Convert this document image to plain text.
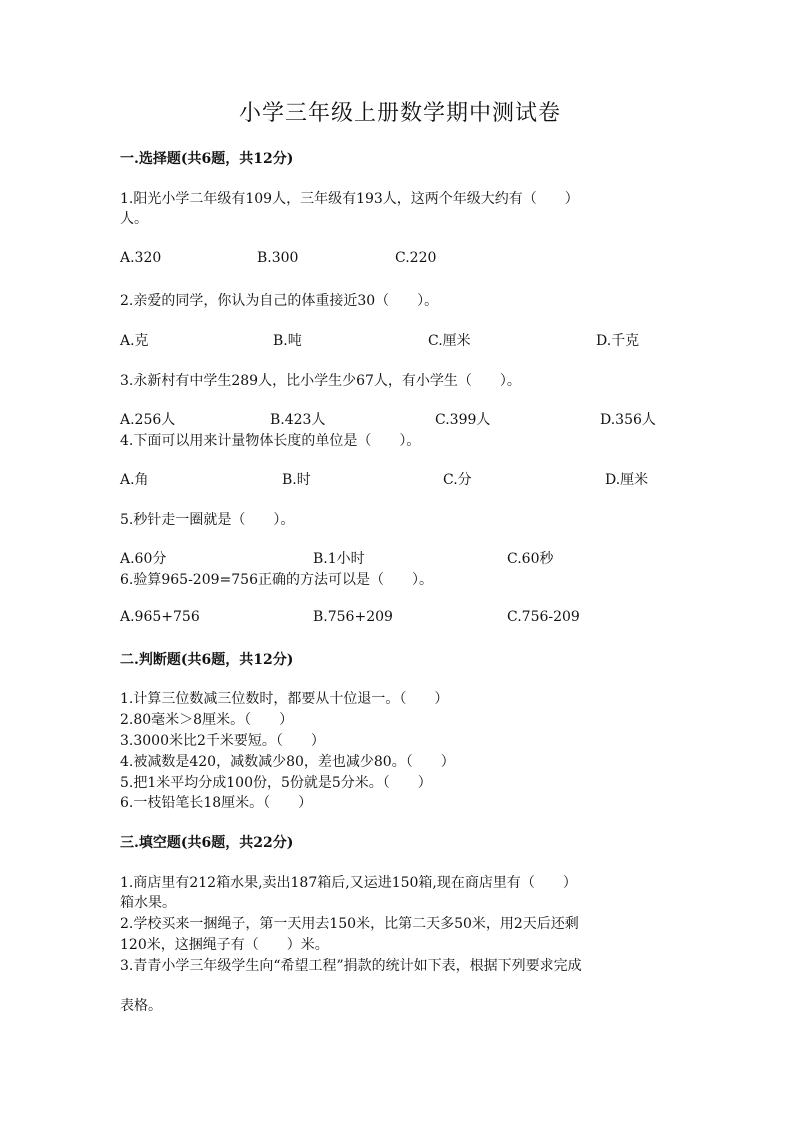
小学三年级上册数学期中测试卷
一.选择题(共6题，共12分)
1.阳光小学二年级有109人，三年级有193人，这两个年级大约有（　　）
人。
A.320	B.300	C.220
2.亲爱的同学，你认为自己的体重接近30（　　）。
A.克	B.吨	C.厘米	D.千克
3.永新村有中学生289人，比小学生少67人，有小学生（　　）。
A.256人	B.423人	C.399人	D.356人
4.下面可以用来计量物体长度的单位是（　　）。
A.角	B.时	C.分	D.厘米
5.秒针走一圈就是（　　）。
A.60分	B.1小时	C.60秒
6.验算965-209=756正确的方法可以是（　　）。
A.965+756	B.756+209	C.756-209
二.判断题(共6题，共12分)
1.计算三位数减三位数时，都要从十位退一。（　　）
2.80毫米＞8厘米。（　　）
3.3000米比2千米要短。（　　）
4.被减数是420，减数减少80，差也减少80。（　　）
5.把1米平均分成100份，5份就是5分米。（　　）
6.一枝铅笔长18厘米。（　　）
三.填空题(共6题，共22分)
1.商店里有212箱水果,卖出187箱后,又运进150箱,现在商店里有（　　）
箱水果。
2.学校买来一捆绳子，第一天用去150米，比第二天多50米，用2天后还剩
120米，这捆绳子有（　　）米。
3.青青小学三年级学生向“希望工程”捐款的统计如下表，根据下列要求完成
表格。
